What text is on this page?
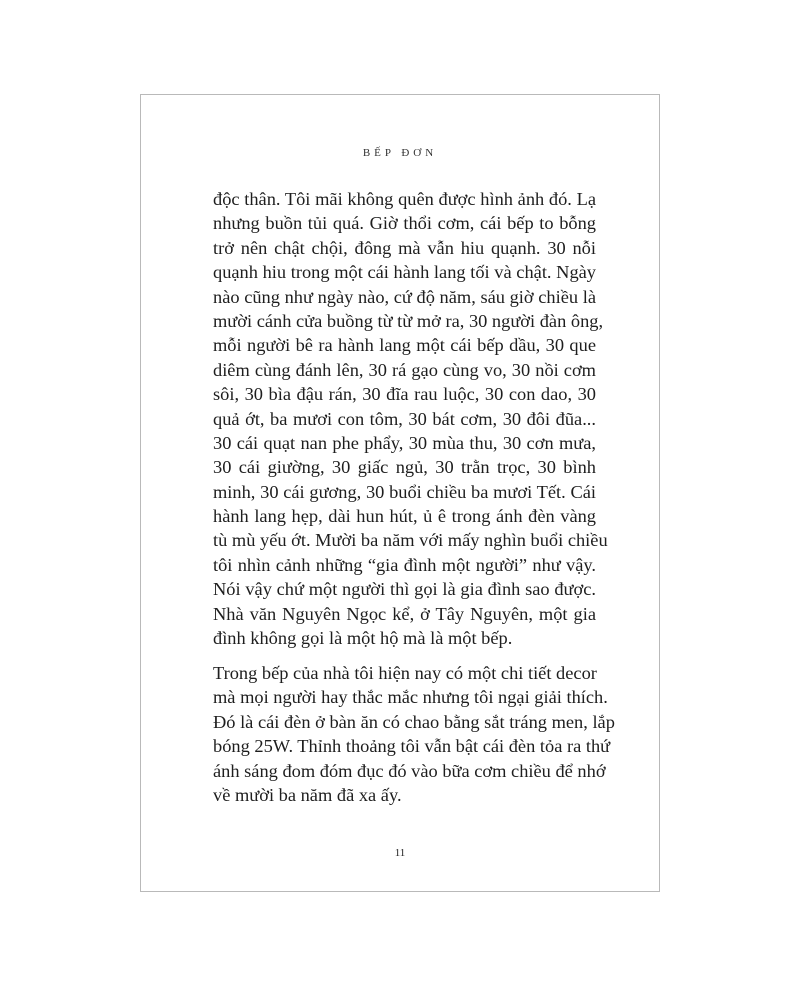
BẾP ĐƠN
độc thân. Tôi mãi không quên được hình ảnh đó. Lạ
nhưng buồn tủi quá. Giờ thổi cơm, cái bếp to bỗng
trở nên chật chội, đông mà vẫn hiu quạnh. 30 nỗi
quạnh hiu trong một cái hành lang tối và chật. Ngày
nào cũng như ngày nào, cứ độ năm, sáu giờ chiều là
mười cánh cửa buồng từ từ mở ra, 30 người đàn ông,
mỗi người bê ra hành lang một cái bếp dầu, 30 que
diêm cùng đánh lên, 30 rá gạo cùng vo, 30 nồi cơm
sôi, 30 bìa đậu rán, 30 đĩa rau luộc, 30 con dao, 30
quả ớt, ba mươi con tôm, 30 bát cơm, 30 đôi đũa...
30 cái quạt nan phe phẩy, 30 mùa thu, 30 cơn mưa,
30 cái giường, 30 giấc ngủ, 30 trằn trọc, 30 bình
minh, 30 cái gương, 30 buổi chiều ba mươi Tết. Cái
hành lang hẹp, dài hun hút, ủ ê trong ánh đèn vàng
tù mù yếu ớt. Mười ba năm với mấy nghìn buổi chiều
tôi nhìn cảnh những “gia đình một người” như vậy.
Nói vậy chứ một người thì gọi là gia đình sao được.
Nhà văn Nguyên Ngọc kể, ở Tây Nguyên, một gia
đình không gọi là một hộ mà là một bếp.
Trong bếp của nhà tôi hiện nay có một chi tiết decor
mà mọi người hay thắc mắc nhưng tôi ngại giải thích.
Đó là cái đèn ở bàn ăn có chao bằng sắt tráng men, lắp
bóng 25W. Thỉnh thoảng tôi vẫn bật cái đèn tỏa ra thứ
ánh sáng đom đóm đục đó vào bữa cơm chiều để nhớ
về mười ba năm đã xa ấy.
11
